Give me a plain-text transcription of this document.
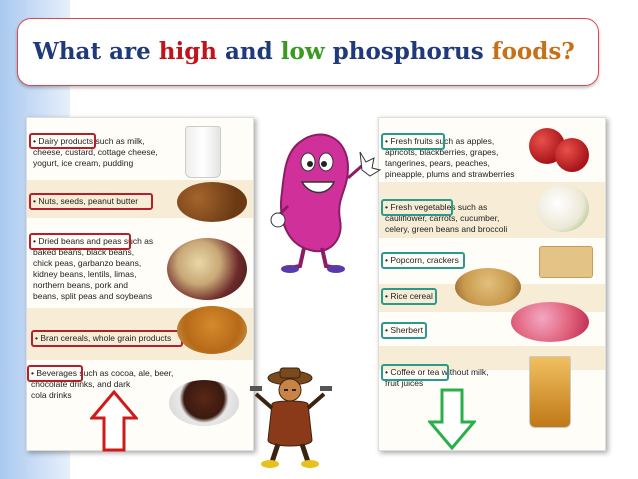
What are high and low phosphorus foods?
• Dairy products such as milk,
cheese, custard, cottage cheese,
yogurt, ice cream, pudding
• Nuts, seeds, peanut butter
• Dried beans and peas such as
baked beans, black beans,
chick peas, garbanzo beans,
kidney beans, lentils, limas,
northern beans, pork and
beans, split peas and soybeans
• Bran cereals, whole grain products
• Beverages such as cocoa, ale, beer,
chocolate drinks, and dark
cola drinks
• Fresh fruits such as apples,
apricots, blackberries, grapes,
tangerines, pears, peaches,
pineapple, plums and strawberries
• Fresh vegetables such as
cauliflower, carrots, cucumber,
celery, green beans and broccoli
• Popcorn, crackers
• Rice cereal
• Sherbert
• Coffee or tea without milk,
fruit juices
